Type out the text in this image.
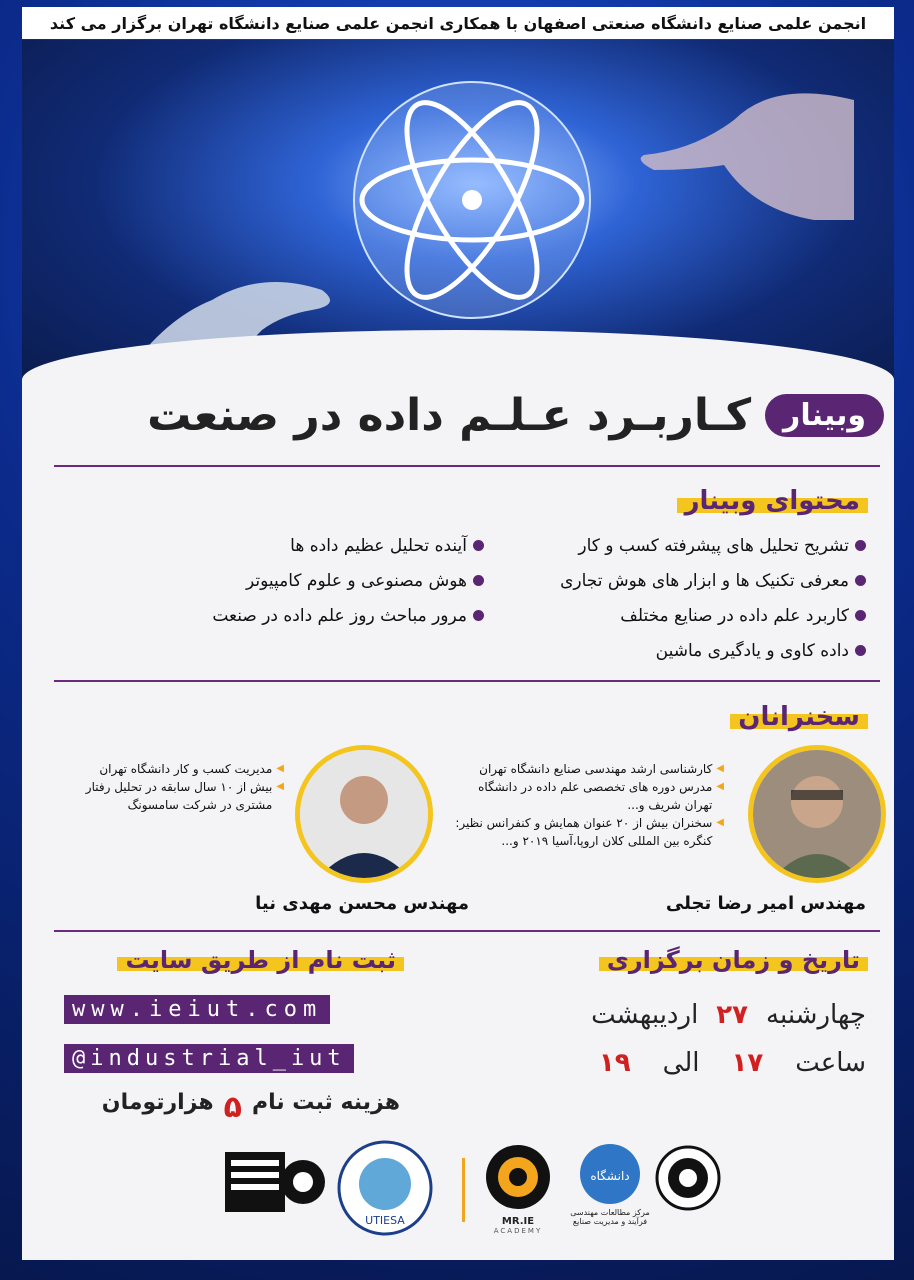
انجمن علمی صنایع دانشگاه صنعتی اصفهان با همکاری انجمن علمی صنایع دانشگاه تهران برگزار می کند
وبینار
کـاربـرد عـلـم داده در صنعت
محتوای وبینار
تشریح تحلیل های پیشرفته کسب و کار
معرفی تکنیک ها و ابزار های هوش تجاری
کاربرد علم داده در صنایع مختلف
داده کاوی و یادگیری ماشین
آینده تحلیل عظیم داده ها
هوش مصنوعی و علوم کامپیوتر
مرور مباحث روز علم داده در صنعت
سخنرانان
◀
کارشناسی ارشد مهندسی صنایع دانشگاه تهران
◀
مدرس دوره های تخصصی علم داده در دانشگاه تهران شریف و...
◀
سخنران بیش از ۲۰ عنوان همایش و کنفرانس نظیر: کنگره بین المللی کلان اروپا،آسیا ۲۰۱۹ و...
مهندس امیر رضا تجلی
◀
مدیریت کسب و کار دانشگاه تهران
◀
بیش از ۱۰ سال سابقه در تحلیل رفتار مشتری در شرکت سامسونگ
مهندس محسن مهدی نیا
ثبت نام از طریق سایت
www.ieiut.com
@industrial_iut
هزینه ثبت نام
۵
هزارتومان
تاریخ و زمان برگزاری
چهارشنبه
۲۷
اردیبهشت
ساعت
۱۷
الی
۱۹
UTIESA	MR.IE
ACADEMY
دانشگاه
مرکز مطالعات مهندسی
فرآیند و مدیریت صنایع
